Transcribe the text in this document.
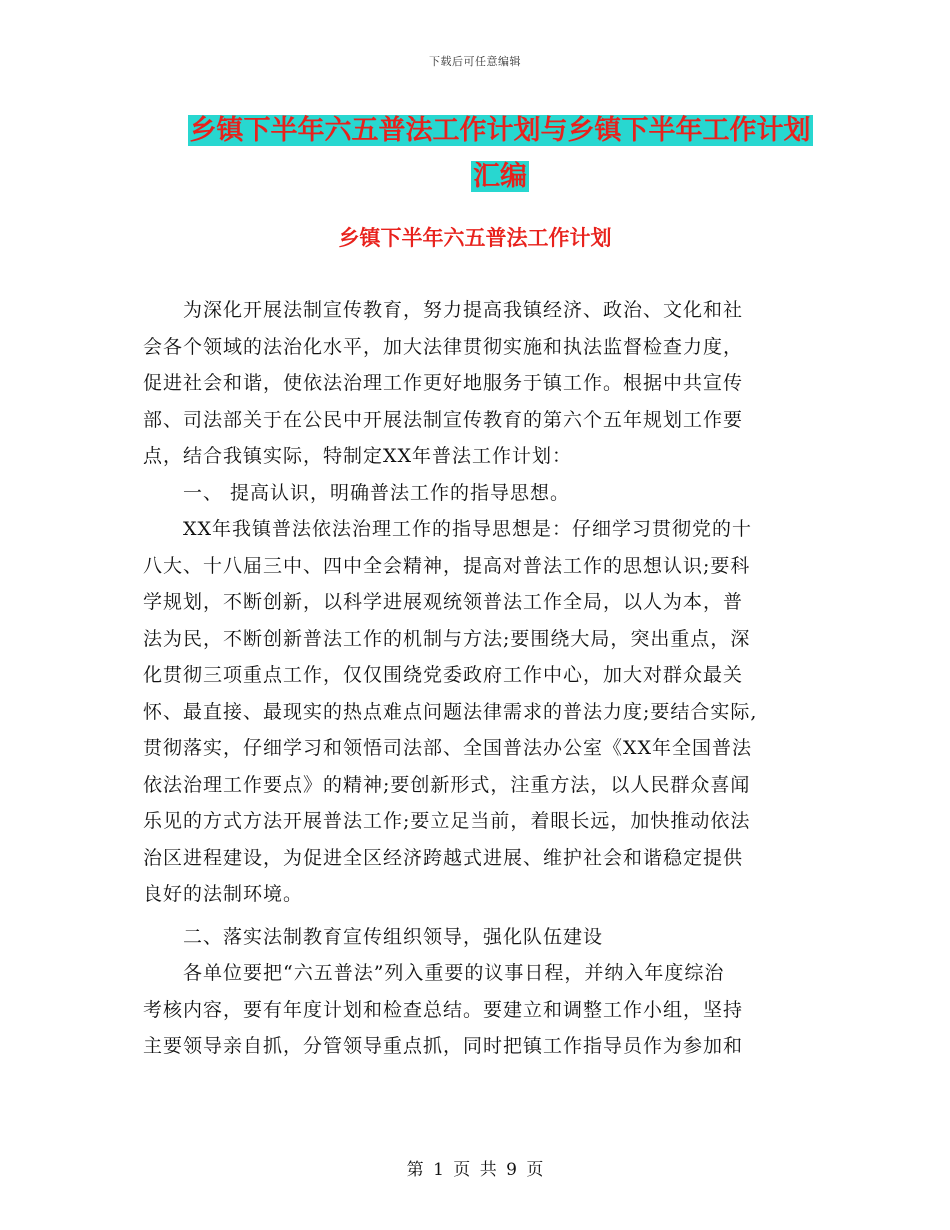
下载后可任意编辑
乡镇下半年六五普法工作计划与乡镇下半年工作计划
汇编
乡镇下半年六五普法工作计划
为深化开展法制宣传教育，努力提高我镇经济、政治、文化和社
会各个领域的法治化水平，加大法律贯彻实施和执法监督检查力度，
促进社会和谐，使依法治理工作更好地服务于镇工作。根据中共宣传
部、司法部关于在公民中开展法制宣传教育的第六个五年规划工作要
点，结合我镇实际，特制定XX年普法工作计划：
一、 提高认识，明确普法工作的指导思想。
XX年我镇普法依法治理工作的指导思想是：仔细学习贯彻党的十
八大、十八届三中、四中全会精神，提高对普法工作的思想认识;要科
学规划，不断创新，以科学进展观统领普法工作全局，以人为本，普
法为民，不断创新普法工作的机制与方法;要围绕大局，突出重点，深
化贯彻三项重点工作，仅仅围绕党委政府工作中心，加大对群众最关
怀、最直接、最现实的热点难点问题法律需求的普法力度;要结合实际,
贯彻落实，仔细学习和领悟司法部、全国普法办公室《XX年全国普法
依法治理工作要点》的精神;要创新形式，注重方法，以人民群众喜闻
乐见的方式方法开展普法工作;要立足当前，着眼长远，加快推动依法
治区进程建设，为促进全区经济跨越式进展、维护社会和谐稳定提供
良好的法制环境。
二、落实法制教育宣传组织领导，强化队伍建设
各单位要把“六五普法”列入重要的议事日程，并纳入年度综治
考核内容，要有年度计划和检查总结。要建立和调整工作小组，坚持
主要领导亲自抓，分管领导重点抓，同时把镇工作指导员作为参加和
第 1 页 共 9 页
